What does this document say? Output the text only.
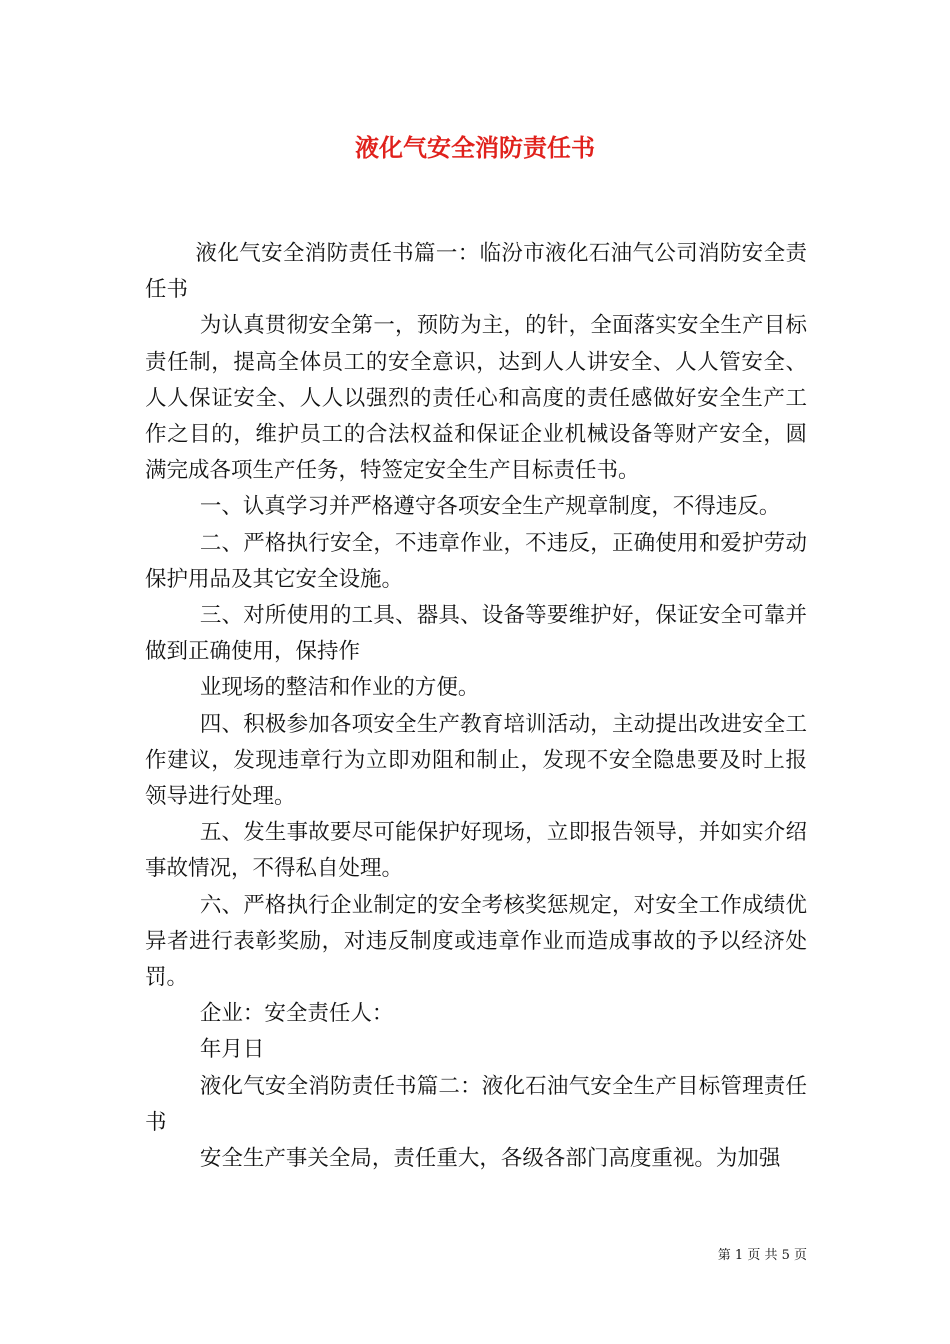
液化气安全消防责任书

液化气安全消防责任书篇一：临汾市液化石油气公司消防安全责任书

为认真贯彻安全第一，预防为主，的针，全面落实安全生产目标责任制，提高全体员工的安全意识，达到人人讲安全、人人管安全、人人保证安全、人人以强烈的责任心和高度的责任感做好安全生产工作之目的，维护员工的合法权益和保证企业机械设备等财产安全，圆满完成各项生产任务，特签定安全生产目标责任书。

一、认真学习并严格遵守各项安全生产规章制度，不得违反。

二、严格执行安全，不违章作业，不违反，正确使用和爱护劳动保护用品及其它安全设施。

三、对所使用的工具、器具、设备等要维护好，保证安全可靠并做到正确使用，保持作

业现场的整洁和作业的方便。

四、积极参加各项安全生产教育培训活动，主动提出改进安全工作建议，发现违章行为立即劝阻和制止，发现不安全隐患要及时上报领导进行处理。

五、发生事故要尽可能保护好现场，立即报告领导，并如实介绍事故情况，不得私自处理。

六、严格执行企业制定的安全考核奖惩规定，对安全工作成绩优异者进行表彰奖励，对违反制度或违章作业而造成事故的予以经济处罚。

企业：安全责任人：

年月日

液化气安全消防责任书篇二：液化石油气安全生产目标管理责任书

安全生产事关全局，责任重大，各级各部门高度重视。为加强

第 1 页 共 5 页
